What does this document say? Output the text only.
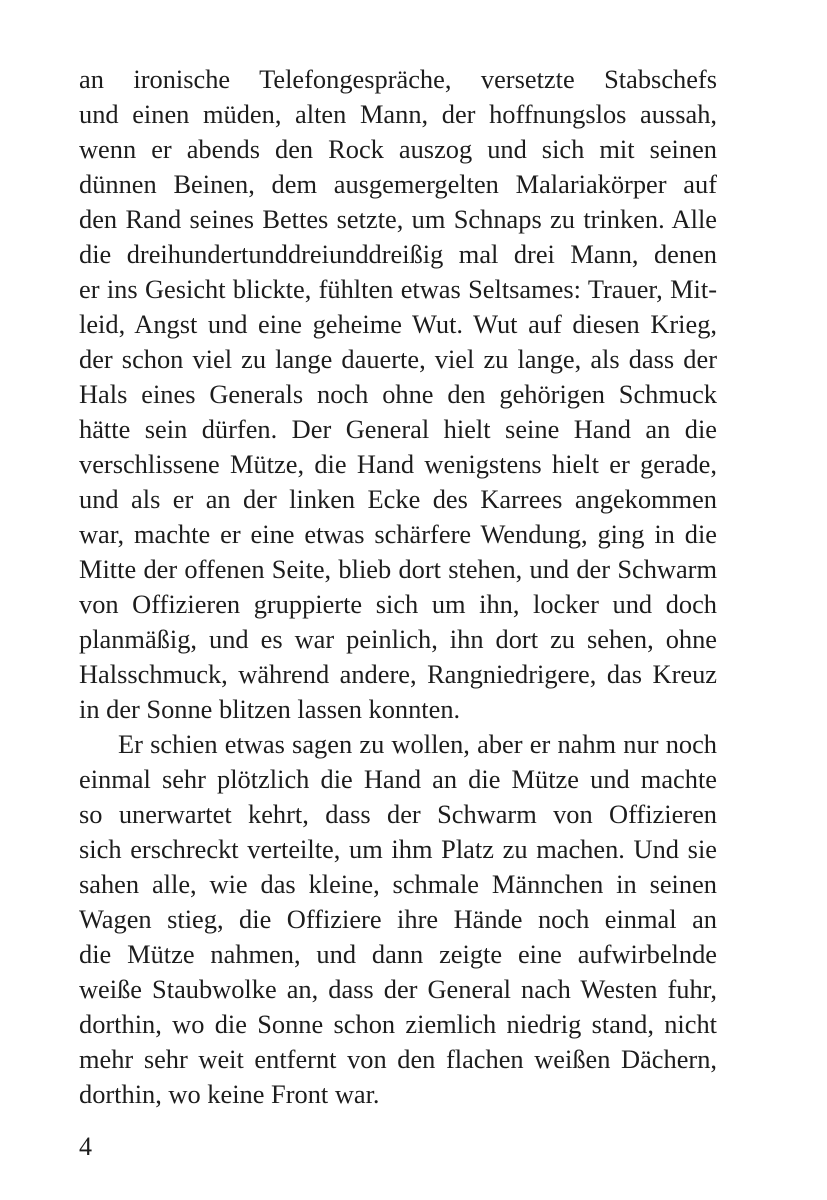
an ironische Telefongespräche, versetzte Stabschefs
und einen müden, alten Mann, der hoffnungslos aussah,
wenn er abends den Rock auszog und sich mit seinen
dünnen Beinen, dem ausgemergelten Malariakörper auf
den Rand seines Bettes setzte, um Schnaps zu trinken. Alle
die dreihundertunddreiunddreißig mal drei Mann, denen
er ins Gesicht blickte, fühlten etwas Seltsames: Trauer, Mit-
leid, Angst und eine geheime Wut. Wut auf diesen Krieg,
der schon viel zu lange dauerte, viel zu lange, als dass der
Hals eines Generals noch ohne den gehörigen Schmuck
hätte sein dürfen. Der General hielt seine Hand an die
verschlissene Mütze, die Hand wenigstens hielt er gerade,
und als er an der linken Ecke des Karrees angekommen
war, machte er eine etwas schärfere Wendung, ging in die
Mitte der offenen Seite, blieb dort stehen, und der Schwarm
von Offizieren gruppierte sich um ihn, locker und doch
planmäßig, und es war peinlich, ihn dort zu sehen, ohne
Halsschmuck, während andere, Rangniedrigere, das Kreuz
in der Sonne blitzen lassen konnten.
Er schien etwas sagen zu wollen, aber er nahm nur noch
einmal sehr plötzlich die Hand an die Mütze und machte
so unerwartet kehrt, dass der Schwarm von Offizieren
sich erschreckt verteilte, um ihm Platz zu machen. Und sie
sahen alle, wie das kleine, schmale Männchen in seinen
Wagen stieg, die Offiziere ihre Hände noch einmal an
die Mütze nahmen, und dann zeigte eine aufwirbelnde
weiße Staubwolke an, dass der General nach Westen fuhr,
dorthin, wo die Sonne schon ziemlich niedrig stand, nicht
mehr sehr weit entfernt von den flachen weißen Dächern,
dorthin, wo keine Front war.
4
